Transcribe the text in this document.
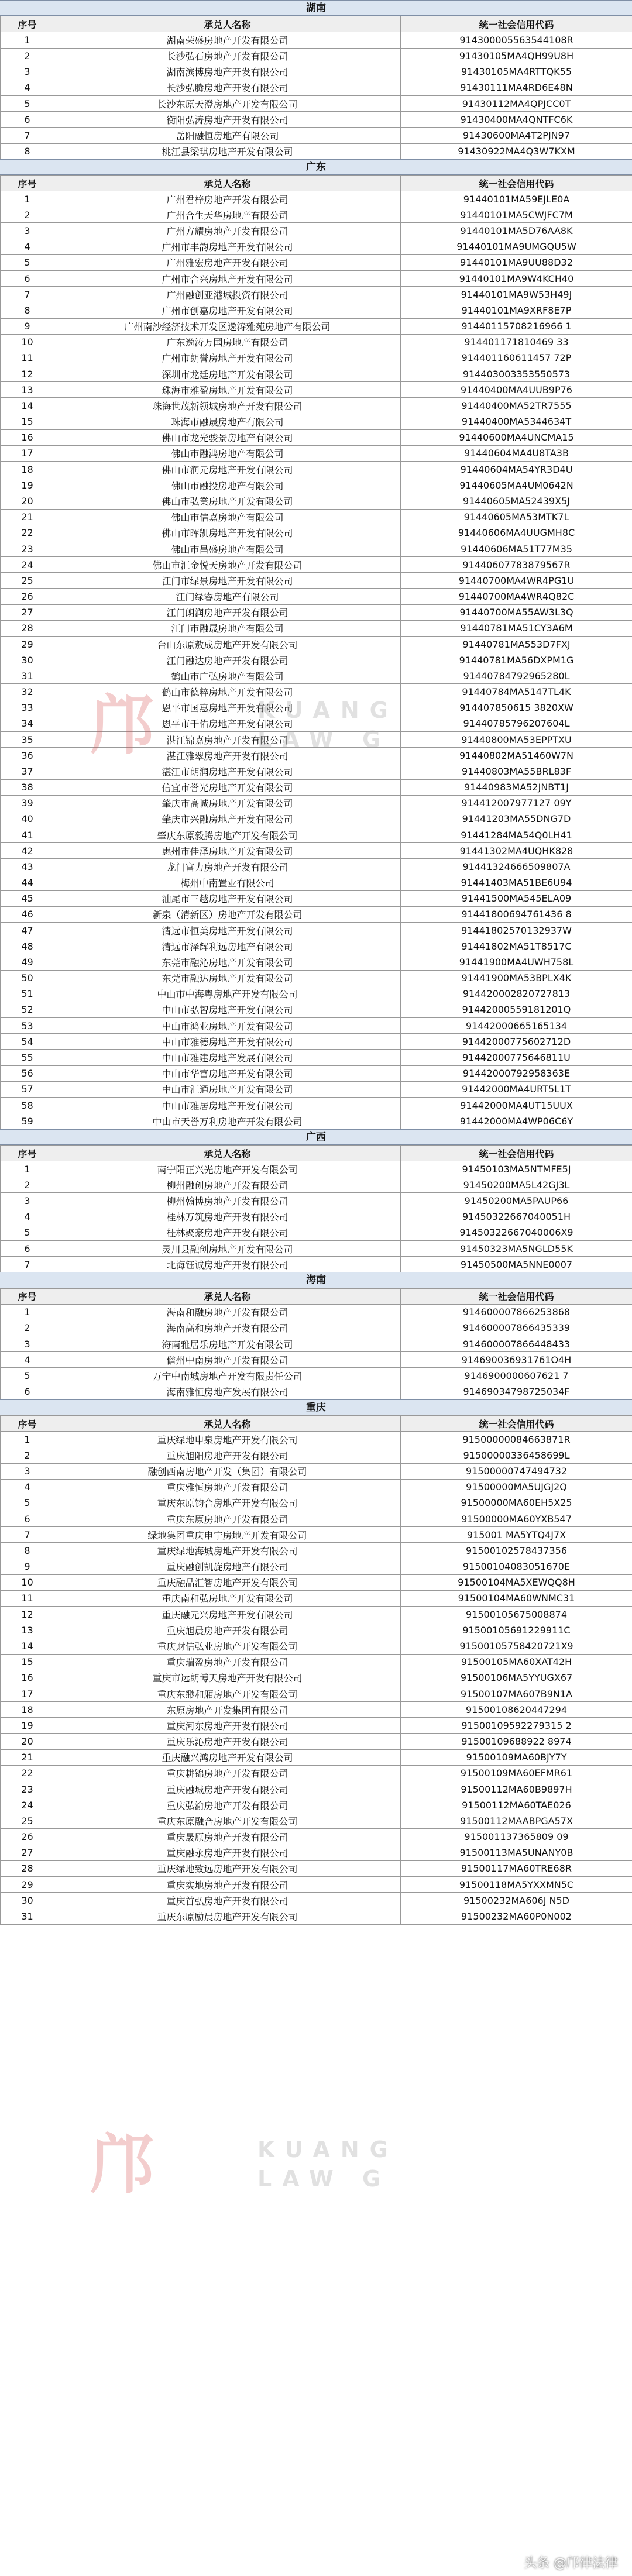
湖南
序号	承兑人名称	统一社会信用代码
1	湖南荣盛房地产开发有限公司	914300005563544108R
2	长沙弘石房地产开发有限公司	91430105MA4QH99U8H
3	湖南滨博房地产开发有限公司	91430105MA4RTTQK55
4	长沙弘腾房地产开发有限公司	91430111MA4RD6E48N
5	长沙东原天澄房地产开发有限公司	91430112MA4QPJCC0T
6	衡阳弘涛房地产开发有限公司	91430400MA4QNTFC6K
7	岳阳融恒房地产有限公司	91430600MA4T2PJN97
8	桃江县梁琪房地产开发有限公司	91430922MA4Q3W7KXM
广东
序号	承兑人名称	统一社会信用代码
1	广州君梓房地产开发有限公司	91440101MA59EJLE0A
2	广州合生天华房地产有限公司	91440101MA5CWJFC7M
3	广州方耀房地产开发有限公司	91440101MA5D76AA8K
4	广州市丰韵房地产开发有限公司	91440101MA9UMGQU5W
5	广州雅宏房地产开发有限公司	91440101MA9UU88D32
6	广州市合兴房地产开发有限公司	91440101MA9W4KCH40
7	广州融创亚港城投资有限公司	91440101MA9W53H49J
8	广州市创嘉房地产开发有限公司	91440101MA9XRF8E7P
9	广州南沙经济技术开发区逸涛雅苑房地产有限公司	91440115708216966 1
10	广东逸涛万国房地产有限公司	914401171810469 33
11	广州市朗誉房地产开发有限公司	914401160611457 72P
12	深圳市龙廷房地产开发有限公司	914403003353550573
13	珠海市雅盈房地产开发有限公司	91440400MA4UUB9P76
14	珠海世茂新领域房地产开发有限公司	91440400MA52TR7555
15	珠海市融晟房地产有限公司	91440400MA5344634T
16	佛山市龙光骏景房地产有限公司	91440600MA4UNCMA15
17	佛山市融鸿房地产有限公司	91440604MA4U8TA3B
18	佛山市润元房地产开发有限公司	91440604MA54YR3D4U
19	佛山市融投房地产有限公司	91440605MA4UM0642N
20	佛山市弘業房地产开发有限公司	91440605MA52439X5J
21	佛山市信嘉房地产有限公司	91440605MA53MTK7L
22	佛山市晖凯房地产开发有限公司	91440606MA4UUGMH8C
23	佛山市昌盛房地产有限公司	91440606MA51T77M35
24	佛山市汇金悦天房地产开发有限公司	91440607783879567R
25	江门市绿景房地产开发有限公司	91440700MA4WR4PG1U
26	江门绿睿房地产有限公司	91440700MA4WR4Q82C
27	江门朗润房地产开发有限公司	91440700MA55AW3L3Q
28	江门市融晟房地产有限公司	91440781MA51CY3A6M
29	台山东原敖成房地产开发有限公司	91440781MA553D7FXJ
30	江门融达房地产开发有限公司	91440781MA56DXPM1G
31	鹤山市广弘房地产有限公司	91440784792965280L
32	鹤山市德粹房地产开发有限公司	91440784MA5147TL4K
33	恩平市国惠房地产开发有限公司	914407850615 3820XW
34	恩平市千佑房地产开发有限公司	91440785796207604L
35	湛江锦嘉房地产开发有限公司	91440800MA53EPPTXU
36	湛江雅翠房地产开发有限公司	91440802MA51460W7N
37	湛江市朗润房地产开发有限公司	91440803MA55BRL83F
38	信宜市誉光房地产开发有限公司	91440983MA52JNBT1J
39	肇庆市高诚房地产开发有限公司	914412007977127 09Y
40	肇庆市兴融房地产开发有限公司	91441203MA55DNG7D
41	肇庆东原毅腾房地产开发有限公司	91441284MA54Q0LH41
42	惠州市佳泽房地产开发有限公司	91441302MA4UQHK828
43	龙门富力房地产开发有限公司	91441324666509807A
44	梅州中南置业有限公司	91441403MA51BE6U94
45	汕尾市三越房地产开发有限公司	91441500MA545ELA09
46	新泉（清新区）房地产开发有限公司	91441800694761436 8
47	清远市恒美房地产开发有限公司	91441802570132937W
48	清远市泽辉利远房地产有限公司	91441802MA51T8517C
49	东莞市融沁房地产开发有限公司	91441900MA4UWH758L
50	东莞市融达房地产开发有限公司	91441900MA53BPLX4K
51	中山市中海粤房地产开发有限公司	914420002820727813
52	中山市弘智房地产开发有限公司	91442000559181201Q
53	中山市鸿业房地产开发有限公司	91442000665165134
54	中山市雅德房地产开发有限公司	91442000775602712D
55	中山市雅建房地产发展有限公司	91442000775646811U
56	中山市华富房地产开发有限公司	91442000792958363E
57	中山市汇通房地产开发有限公司	91442000MA4URT5L1T
58	中山市雅居房地产开发有限公司	91442000MA4UT15UUX
59	中山市天誉万利房地产开发有限公司	91442000MA4WP06C6Y
广西
序号	承兑人名称	统一社会信用代码
1	南宁阳正兴光房地产开发有限公司	91450103MA5NTMFE5J
2	柳州融创房地产开发有限公司	91450200MA5L42GJ3L
3	柳州翰博房地产开发有限公司	91450200MA5PAUP66
4	桂林万筑房地产开发有限公司	91450322667040051H
5	桂林聚豪房地产开发有限公司	91450322667040006X9
6	灵川县融创房地产开发有限公司	91450323MA5NGLD55K
7	北海钰诚房地产开发有限公司	91450500MA5NNE0007
海南
序号	承兑人名称	统一社会信用代码
1	海南和融房地产开发有限公司	914600007866253868
2	海南高和房地产开发有限公司	914600007866435339
3	海南雅居乐房地产开发有限公司	914600007866448433
4	儋州中南房地产开发有限公司	914690036931761O4H
5	万宁中南城房地产开发有限责任公司	9146900000607621 7
6	海南雅恒房地产发展有限公司	91469034798725034F
重庆
序号	承兑人名称	统一社会信用代码
1	重庆绿地申泉房地产开发有限公司	91500000084663871R
2	重庆旭阳房地产开发有限公司	91500000336458699L
3	融创西南房地产开发（集团）有限公司	91500000747494732
4	重庆雅恒房地产开发有限公司	91500000MA5UJGJ2Q
5	重庆东原钧合房地产开发有限公司	91500000MA60EH5X25
6	重庆东原房地产开发有限公司	91500000MA60YXB547
7	绿地集团重庆申宁房地产开发有限公司	915001 MA5YTQ4J7X
8	重庆绿地海城房地产开发有限公司	91500102578437356
9	重庆融创凯旋房地产有限公司	91500104083051670E
10	重庆融品汇智房地产开发有限公司	91500104MA5XEWQQ8H
11	重庆南和弘房地产开发有限公司	91500104MA60WNMC31
12	重庆融元兴房地产开发有限公司	91500105675008874
13	重庆旭晨房地产开发有限公司	91500105691229911C
14	重庆财信弘业房地产开发有限公司	91500105758420721X9
15	重庆瑞盈房地产开发有限公司	91500105MA60XAT42H
16	重庆市远朗博天房地产开发有限公司	91500106MA5YYUGX67
17	重庆东缈和厢房地产开发有限公司	91500107MA607B9N1A
18	东原房地产开发集团有限公司	91500108620447294
19	重庆河东房地产开发有限公司	91500109592279315 2
20	重庆乐沁房地产开发有限公司	91500109688922 8974
21	重庆融兴鸿房地产开发有限公司	91500109MA60BJY7Y
22	重庆耕锦房地产开发有限公司	91500109MA60EFMR61
23	重庆融城房地产开发有限公司	91500112MA60B9897H
24	重庆弘渝房地产开发有限公司	91500112MA60TAE026
25	重庆东原融合房地产开发有限公司	91500112MAABPGA57X
26	重庆晟原房地产开发有限公司	915001137365809 09
27	重庆融永房地产开发有限公司	91500113MA5UNANY0B
28	重庆绿地致远房地产开发有限公司	91500117MA60TRE68R
29	重庆实地房地产开发有限公司	91500118MA5YXXMN5C
30	重庆首弘房地产开发有限公司	91500232MA606J N5D
31	重庆东原励晨房地产开发有限公司	91500232MA60P0N002
邝	KUANG
LAW G
邝	KUANG
LAW G
头条 @邝律法律
